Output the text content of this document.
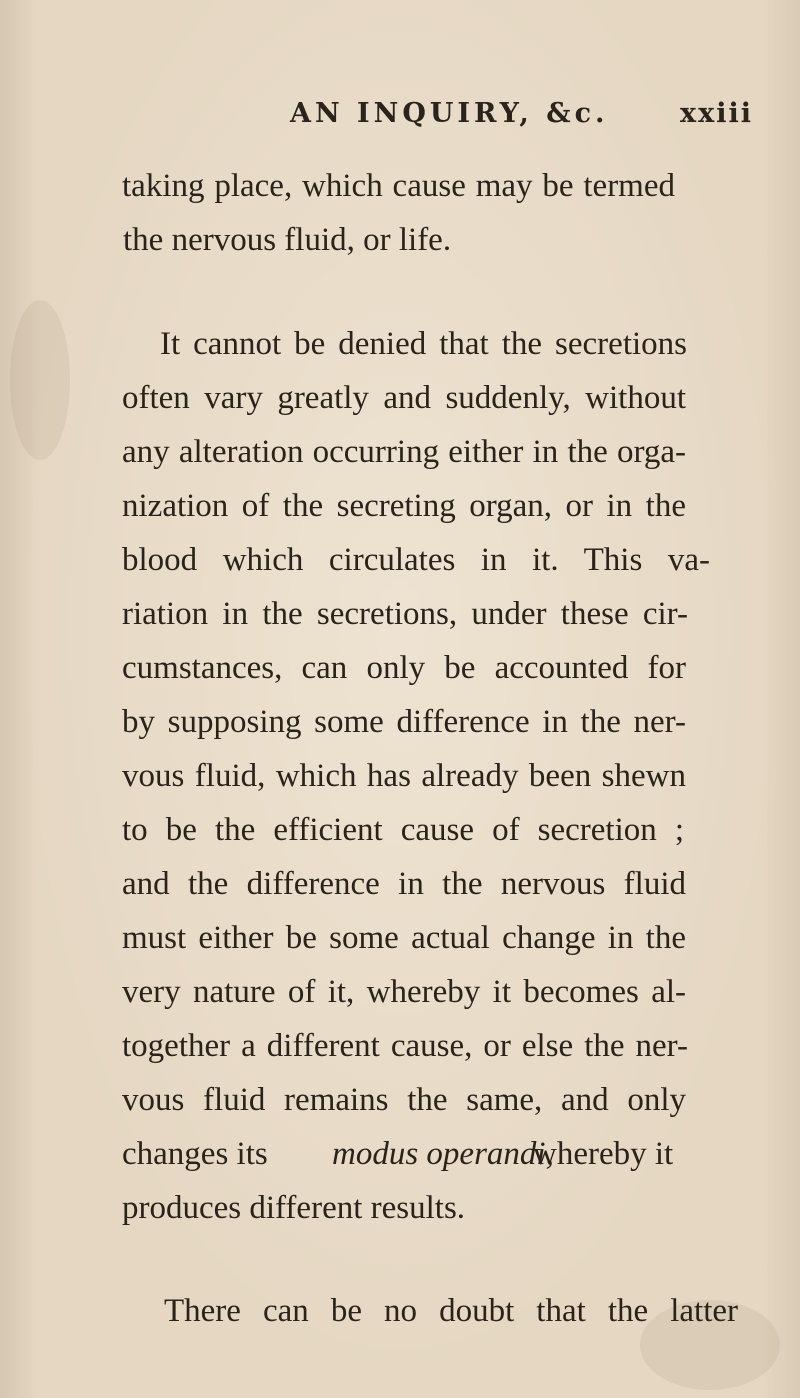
AN INQUIRY, &c.	xxiii
taking place, which cause may be termed
the nervous fluid, or life.
It cannot be denied that the secretions
often vary greatly and suddenly, without
any alteration occurring either in the orga-
nization of the secreting organ, or in the
blood which circulates in it. This va-
riation in the secretions, under these cir-
cumstances, can only be accounted for
by supposing some difference in the ner-
vous fluid, which has already been shewn
to be the efficient cause of secretion ;
and the difference in the nervous fluid
must either be some actual change in the
very nature of it, whereby it becomes al-
together a different cause, or else the ner-
vous fluid remains the same, and only
changes its modus operandi,
whereby it
produces different results.
There can be no doubt that the latter
